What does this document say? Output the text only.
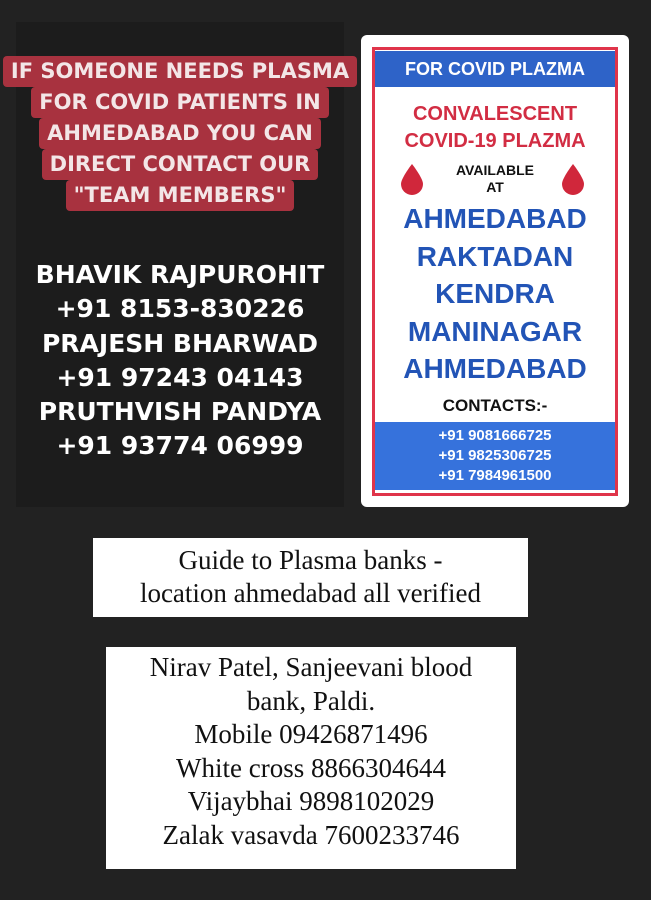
IF SOMEONE NEEDS PLASMA
FOR COVID PATIENTS IN
AHMEDABAD YOU CAN
DIRECT CONTACT OUR
"TEAM MEMBERS"
BHAVIK RAJPUROHIT
+91 8153-830226
PRAJESH BHARWAD
+91 97243 04143
PRUTHVISH PANDYA
+91 93774 06999
FOR COVID PLAZMA
CONVALESCENT
COVID-19 PLAZMA
AVAILABLE
AT
AHMEDABAD
RAKTADAN
KENDRA
MANINAGAR
AHMEDABAD
CONTACTS:-
+91 9081666725
+91 9825306725
+91 7984961500
Guide to Plasma banks -
location ahmedabad all verified
Nirav Patel, Sanjeevani blood
bank, Paldi.
Mobile 09426871496
White cross 8866304644
Vijaybhai 9898102029
Zalak vasavda 7600233746
